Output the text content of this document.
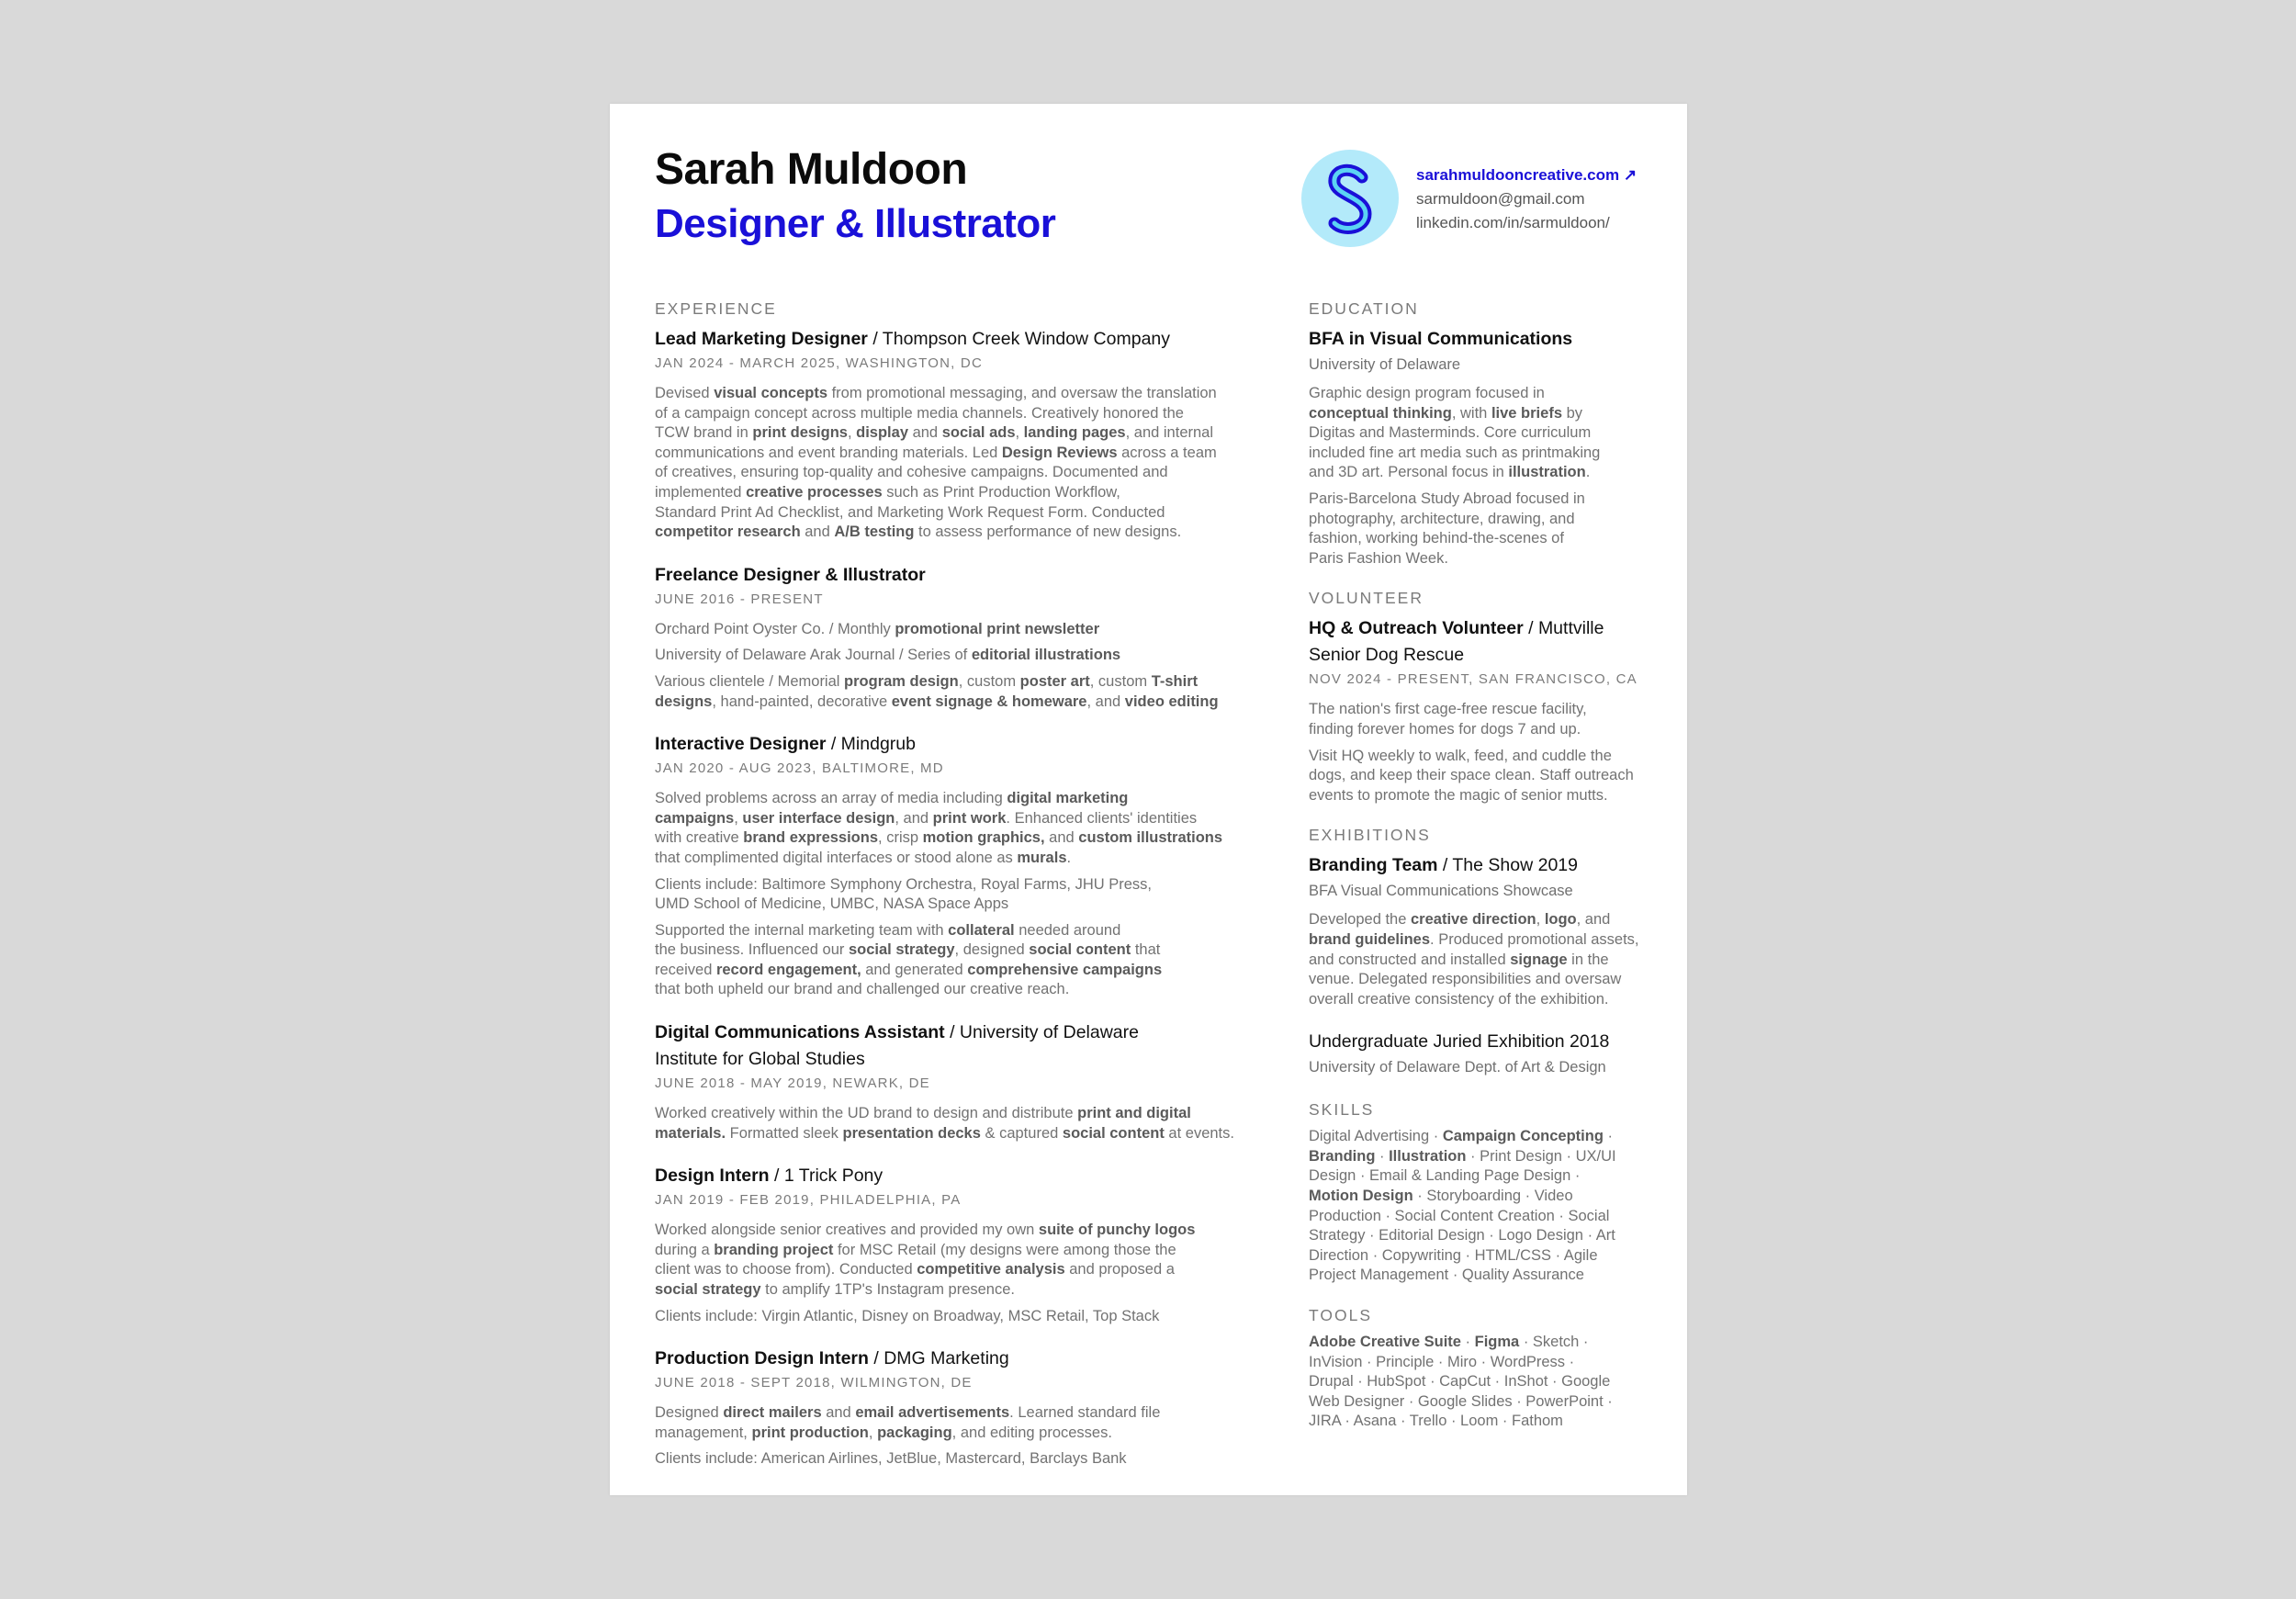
Sarah Muldoon
Designer & Illustrator
sarahmuldooncreative.com ↗
sarmuldoon@gmail.com
linkedin.com/in/sarmuldoon/
EXPERIENCE
Lead Marketing Designer / Thompson Creek Window Company
JAN 2024 - MARCH 2025, WASHINGTON, DC
Devised visual concepts from promotional messaging, and oversaw the translation
of a campaign concept across multiple media channels. Creatively honored the
TCW brand in print designs, display and social ads, landing pages, and internal
communications and event branding materials. Led Design Reviews across a team
of creatives, ensuring top-quality and cohesive campaigns. Documented and
implemented creative processes such as Print Production Workflow,
Standard Print Ad Checklist, and Marketing Work Request Form. Conducted
competitor research and A/B testing to assess performance of new designs.
Freelance Designer & Illustrator
JUNE 2016 - PRESENT
Orchard Point Oyster Co. / Monthly promotional print newsletter
University of Delaware Arak Journal / Series of editorial illustrations
Various clientele / Memorial program design, custom poster art, custom T-shirt
designs, hand-painted, decorative event signage & homeware, and video editing
Interactive Designer / Mindgrub
JAN 2020 - AUG 2023, BALTIMORE, MD
Solved problems across an array of media including digital marketing
campaigns, user interface design, and print work. Enhanced clients' identities
with creative brand expressions, crisp motion graphics, and custom illustrations
that complimented digital interfaces or stood alone as murals.
Clients include: Baltimore Symphony Orchestra, Royal Farms, JHU Press,
UMD School of Medicine, UMBC, NASA Space Apps
Supported the internal marketing team with collateral needed around
the business. Influenced our social strategy, designed social content that
received record engagement, and generated comprehensive campaigns
that both upheld our brand and challenged our creative reach.
Digital Communications Assistant / University of Delaware
Institute for Global Studies
JUNE 2018 - MAY 2019, NEWARK, DE
Worked creatively within the UD brand to design and distribute print and digital
materials. Formatted sleek presentation decks & captured social content at events.
Design Intern / 1 Trick Pony
JAN 2019 - FEB 2019, PHILADELPHIA, PA
Worked alongside senior creatives and provided my own suite of punchy logos
during a branding project for MSC Retail (my designs were among those the
client was to choose from). Conducted competitive analysis and proposed a
social strategy to amplify 1TP's Instagram presence.
Clients include: Virgin Atlantic, Disney on Broadway, MSC Retail, Top Stack
Production Design Intern / DMG Marketing
JUNE 2018 - SEPT 2018, WILMINGTON, DE
Designed direct mailers and email advertisements. Learned standard file
management, print production, packaging, and editing processes.
Clients include: American Airlines, JetBlue, Mastercard, Barclays Bank
EDUCATION
BFA in Visual Communications
University of Delaware
Graphic design program focused in
conceptual thinking, with live briefs by
Digitas and Masterminds. Core curriculum
included fine art media such as printmaking
and 3D art. Personal focus in illustration.
Paris-Barcelona Study Abroad focused in
photography, architecture, drawing, and
fashion, working behind-the-scenes of
Paris Fashion Week.
VOLUNTEER
HQ & Outreach Volunteer / Muttville
Senior Dog Rescue
NOV 2024 - PRESENT, SAN FRANCISCO, CA
The nation's first cage-free rescue facility,
finding forever homes for dogs 7 and up.
Visit HQ weekly to walk, feed, and cuddle the
dogs, and keep their space clean. Staff outreach
events to promote the magic of senior mutts.
EXHIBITIONS
Branding Team / The Show 2019
BFA Visual Communications Showcase
Developed the creative direction, logo, and
brand guidelines. Produced promotional assets,
and constructed and installed signage in the
venue. Delegated responsibilities and oversaw
overall creative consistency of the exhibition.
Undergraduate Juried Exhibition 2018
University of Delaware Dept. of Art & Design
SKILLS
Digital Advertising · Campaign Concepting ·
Branding · Illustration · Print Design · UX/UI
Design · Email & Landing Page Design ·
Motion Design · Storyboarding · Video
Production · Social Content Creation · Social
Strategy · Editorial Design · Logo Design · Art
Direction · Copywriting · HTML/CSS · Agile
Project Management · Quality Assurance
TOOLS
Adobe Creative Suite · Figma · Sketch ·
InVision · Principle · Miro · WordPress ·
Drupal · HubSpot · CapCut · InShot · Google
Web Designer · Google Slides · PowerPoint ·
JIRA · Asana · Trello · Loom · Fathom
